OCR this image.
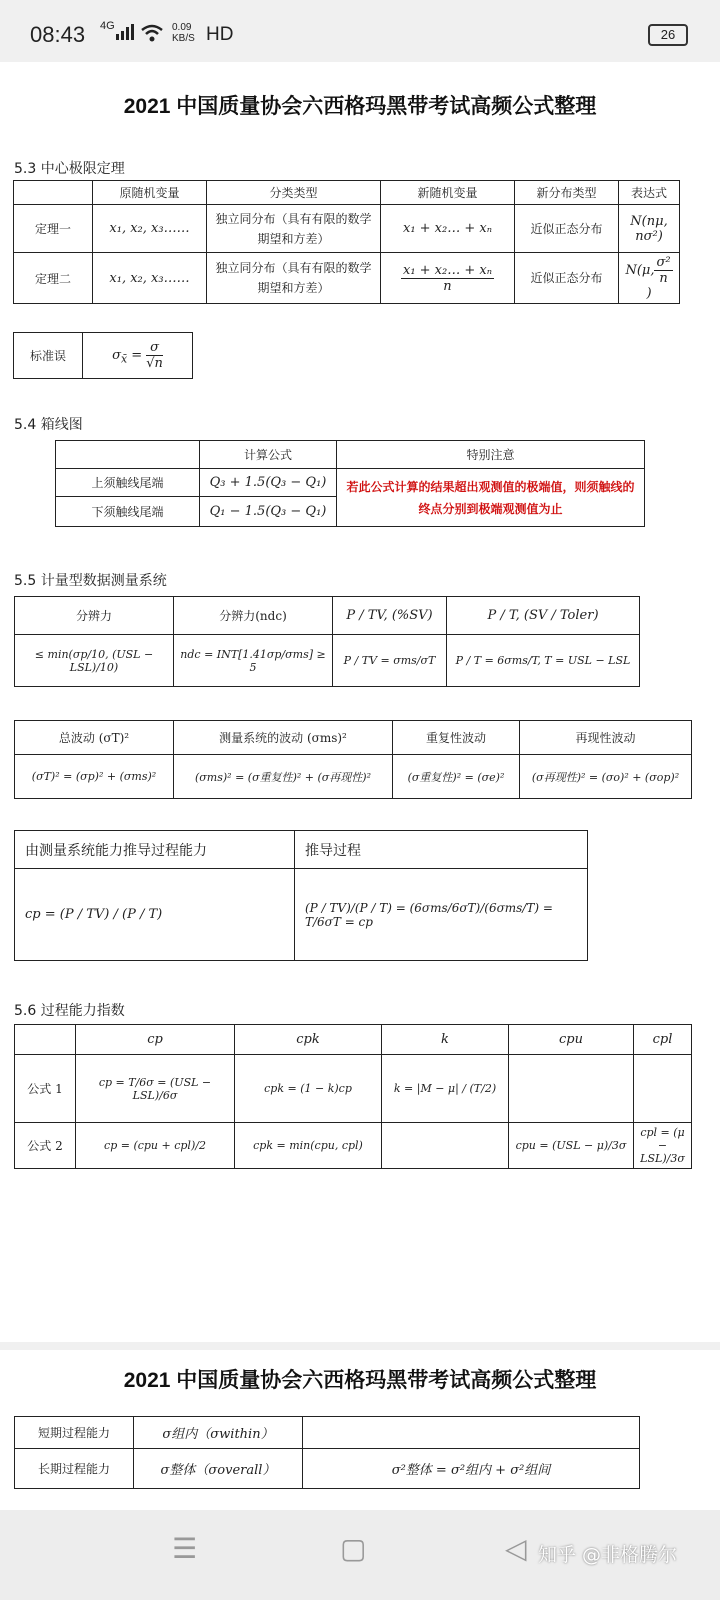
08:43 4G	0.09
KB/S HD	26
2021 中国质量协会六西格玛黑带考试高频公式整理
5.3 中心极限定理
	原随机变量	分类类型	新随机变量	新分布类型	表达式
定理一	x₁, x₂, x₃……	独立同分布（具有有限的数学期望和方差）	x₁ + x₂… + xₙ	近似正态分布	N(nμ, nσ²)
定理二	x₁, x₂, x₃……	独立同分布（具有有限的数学期望和方差）	$\frac{\text{x₁ + x₂… + xₙ}}{n}$	近似正态分布	N(μ, $\frac{\text{σ²}}{n}$
)
标准误	$\sigma_{x̄} = \frac{\sigma}{√n}$
5.4 箱线图
	计算公式	特别注意
上须触线尾端	Q₃ + 1.5(Q₃ − Q₁)	若此公式计算的结果超出观测值的极端值，则须触线的终点分别到极端观测值为止
下须触线尾端	Q₁ − 1.5(Q₃ − Q₁)	
5.5 计量型数据测量系统
分辨力	分辨力(ndc)	P / TV, (%SV)	P / T, (SV / Toler)
≤ min(σp/10, (USL − LSL)/10)	ndc = INT[1.41σp/σms] ≥ 5	P / TV = σms/σT	P / T = 6σms/T, T = USL − LSL
总波动 (σT)²	测量系统的波动 (σms)²	重复性波动	再现性波动
(σT)² = (σp)² + (σms)²	(σms)² = (σ重复性)² + (σ再现性)²	(σ重复性)² = (σe)²	(σ再现性)² = (σo)² + (σop)²
由测量系统能力推导过程能力	推导过程
cp = (P / TV) / (P / T)	(P / TV)/(P / T) = (6σms/6σT)/(6σms/T) = T/6σT = cp
5.6 过程能力指数
	cp	cpk	k	cpu	cpl
公式 1	cp = T/6σ = (USL − LSL)/6σ	cpk = (1 − k)cp	k = |M − μ| / (T/2)		
公式 2	cp = (cpu + cpl)/2	cpk = min(cpu, cpl)		cpu = (USL − μ)/3σ	cpl = (μ − LSL)/3σ
2021 中国质量协会六西格玛黑带考试高频公式整理
短期过程能力	σ组内（σwithin）	
长期过程能力	σ整体（σoverall）	σ²整体 = σ²组内 + σ²组间
☰	▢	◁ 知乎 @非格腾尔
